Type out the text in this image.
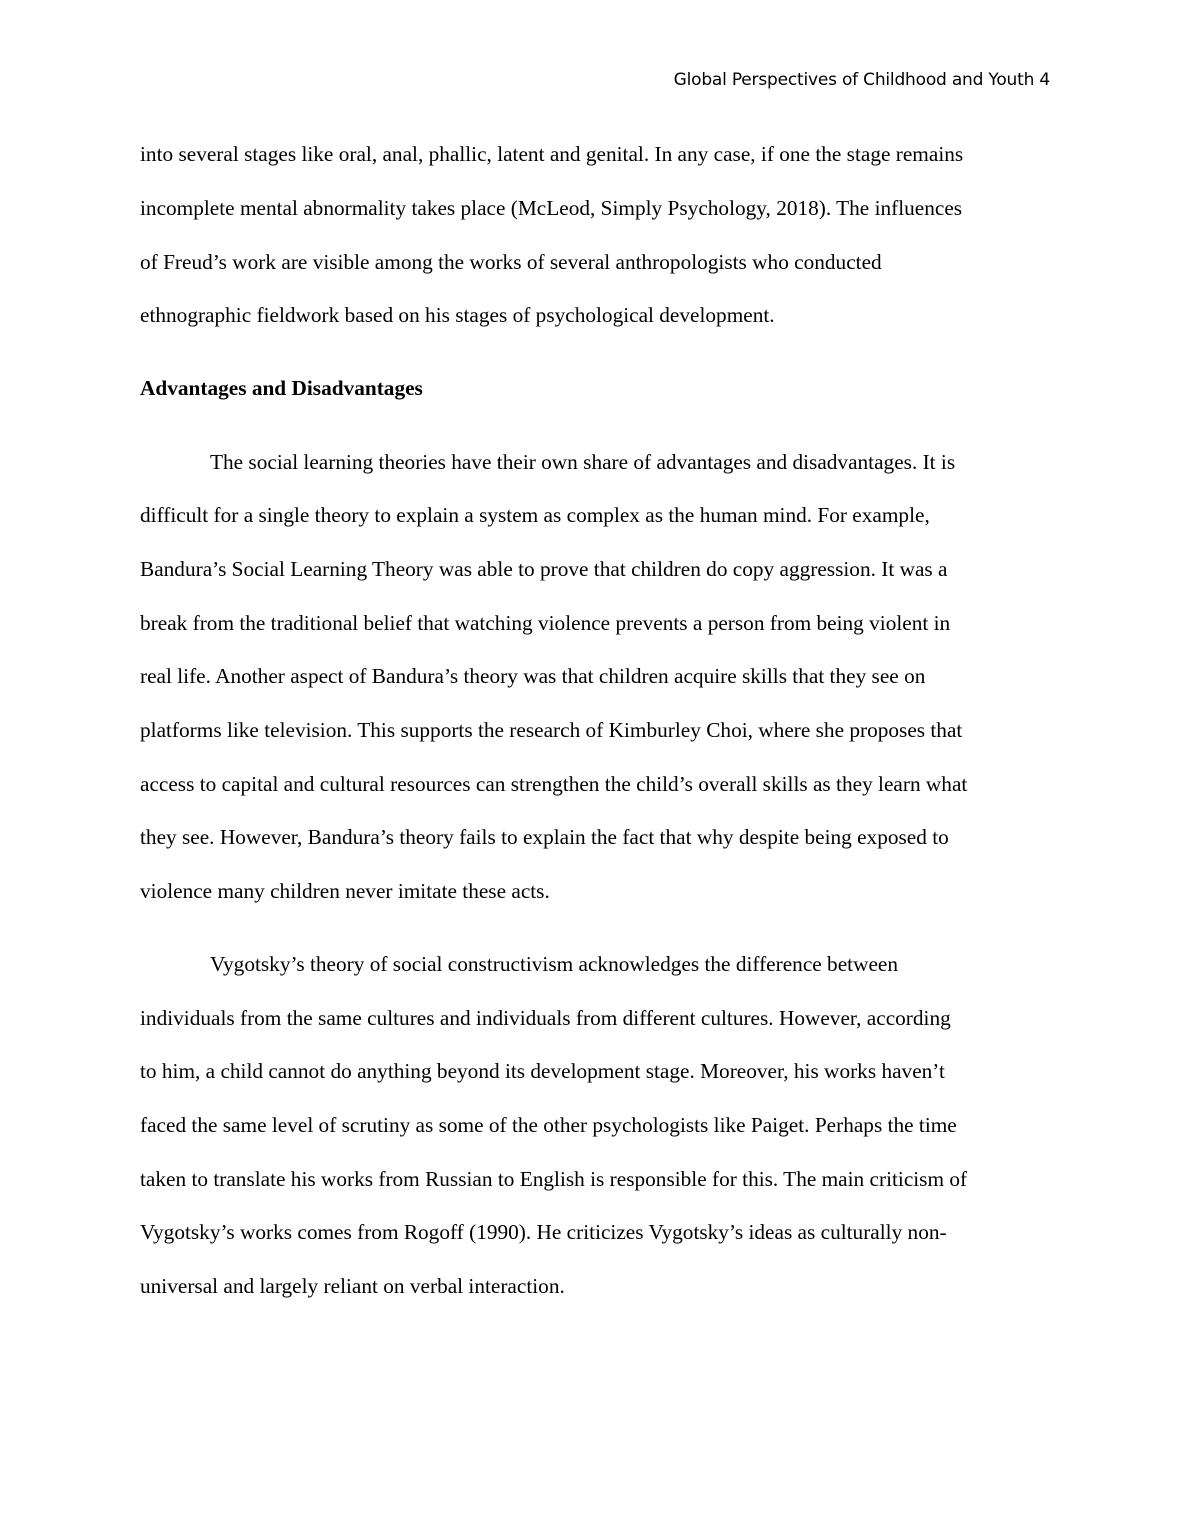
Global Perspectives of Childhood and Youth 4
into several stages like oral, anal, phallic, latent and genital. In any case, if one the stage remains
incomplete mental abnormality takes place (McLeod, Simply Psychology, 2018). The influences
of Freud’s work are visible among the works of several anthropologists who conducted
ethnographic fieldwork based on his stages of psychological development.
Advantages and Disadvantages
The social learning theories have their own share of advantages and disadvantages. It is
difficult for a single theory to explain a system as complex as the human mind. For example,
Bandura’s Social Learning Theory was able to prove that children do copy aggression. It was a
break from the traditional belief that watching violence prevents a person from being violent in
real life. Another aspect of Bandura’s theory was that children acquire skills that they see on
platforms like television. This supports the research of Kimburley Choi, where she proposes that
access to capital and cultural resources can strengthen the child’s overall skills as they learn what
they see. However, Bandura’s theory fails to explain the fact that why despite being exposed to
violence many children never imitate these acts.
Vygotsky’s theory of social constructivism acknowledges the difference between
individuals from the same cultures and individuals from different cultures. However, according
to him, a child cannot do anything beyond its development stage. Moreover, his works haven’t
faced the same level of scrutiny as some of the other psychologists like Paiget. Perhaps the time
taken to translate his works from Russian to English is responsible for this. The main criticism of
Vygotsky’s works comes from Rogoff (1990). He criticizes Vygotsky’s ideas as culturally non-
universal and largely reliant on verbal interaction.
